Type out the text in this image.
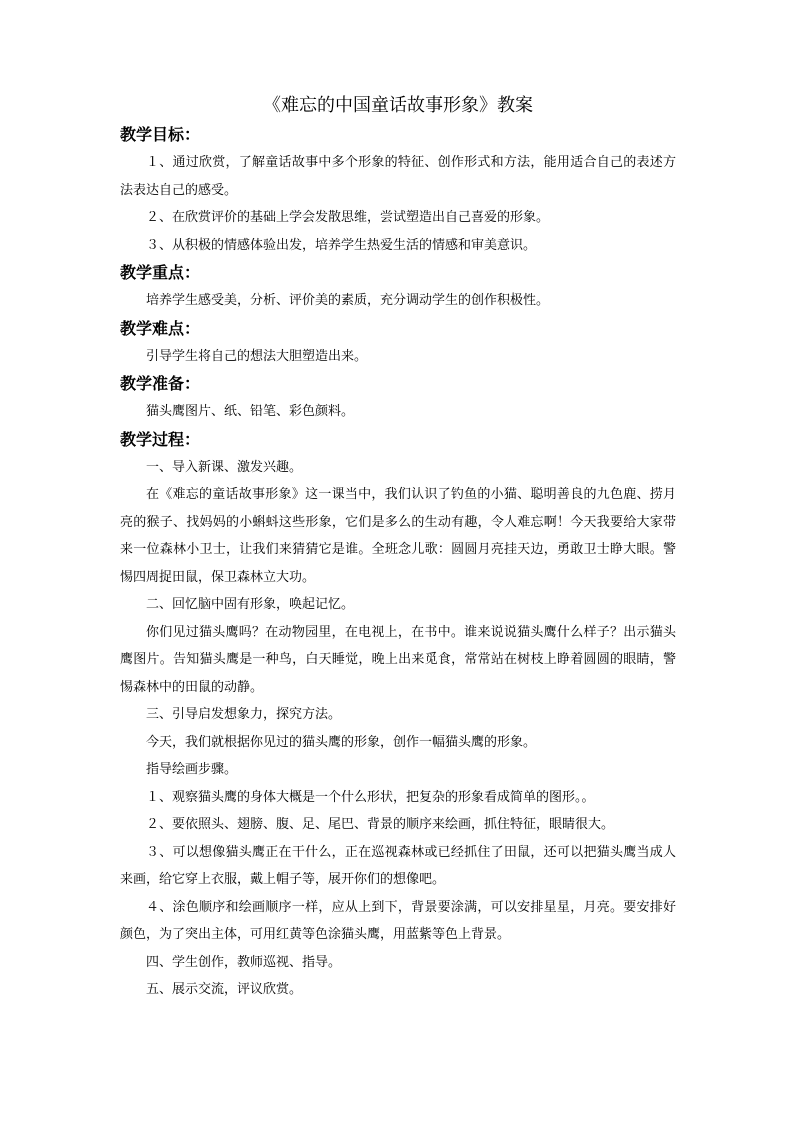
《难忘的中国童话故事形象》教案
教学目标：

１、通过欣赏，了解童话故事中多个形象的特征、创作形式和方法，能用适合自己的表述方法表达自己的感受。

２、在欣赏评价的基础上学会发散思维，尝试塑造出自己喜爱的形象。

３、从积极的情感体验出发，培养学生热爱生活的情感和审美意识。

教学重点：

培养学生感受美，分析、评价美的素质，充分调动学生的创作积极性。

教学难点：

引导学生将自己的想法大胆塑造出来。

教学准备：

猫头鹰图片、纸、铅笔、彩色颜料。

教学过程：

一、导入新课、激发兴趣。

在《难忘的童话故事形象》这一课当中，我们认识了钓鱼的小猫、聪明善良的九色鹿、捞月亮的猴子、找妈妈的小蝌蚪这些形象，它们是多么的生动有趣，令人难忘啊！今天我要给大家带来一位森林小卫士，让我们来猜猜它是谁。全班念儿歌：圆圆月亮挂天边，勇敢卫士睁大眼。警惕四周捉田鼠，保卫森林立大功。

二、回忆脑中固有形象，唤起记忆。

你们见过猫头鹰吗？在动物园里，在电视上，在书中。谁来说说猫头鹰什么样子？出示猫头鹰图片。告知猫头鹰是一种鸟，白天睡觉，晚上出来觅食，常常站在树枝上睁着圆圆的眼睛，警惕森林中的田鼠的动静。

三、引导启发想象力，探究方法。

今天，我们就根据你见过的猫头鹰的形象，创作一幅猫头鹰的形象。

指导绘画步骤。

１、观察猫头鹰的身体大概是一个什么形状，把复杂的形象看成简单的图形。。

２、要依照头、翅膀、腹、足、尾巴、背景的顺序来绘画，抓住特征，眼睛很大。

３、可以想像猫头鹰正在干什么，正在巡视森林或已经抓住了田鼠，还可以把猫头鹰当成人来画，给它穿上衣服，戴上帽子等，展开你们的想像吧。

４、涂色顺序和绘画顺序一样，应从上到下，背景要涂满，可以安排星星，月亮。要安排好颜色，为了突出主体，可用红黄等色涂猫头鹰，用蓝紫等色上背景。

四、学生创作，教师巡视、指导。

五、展示交流，评议欣赏。
